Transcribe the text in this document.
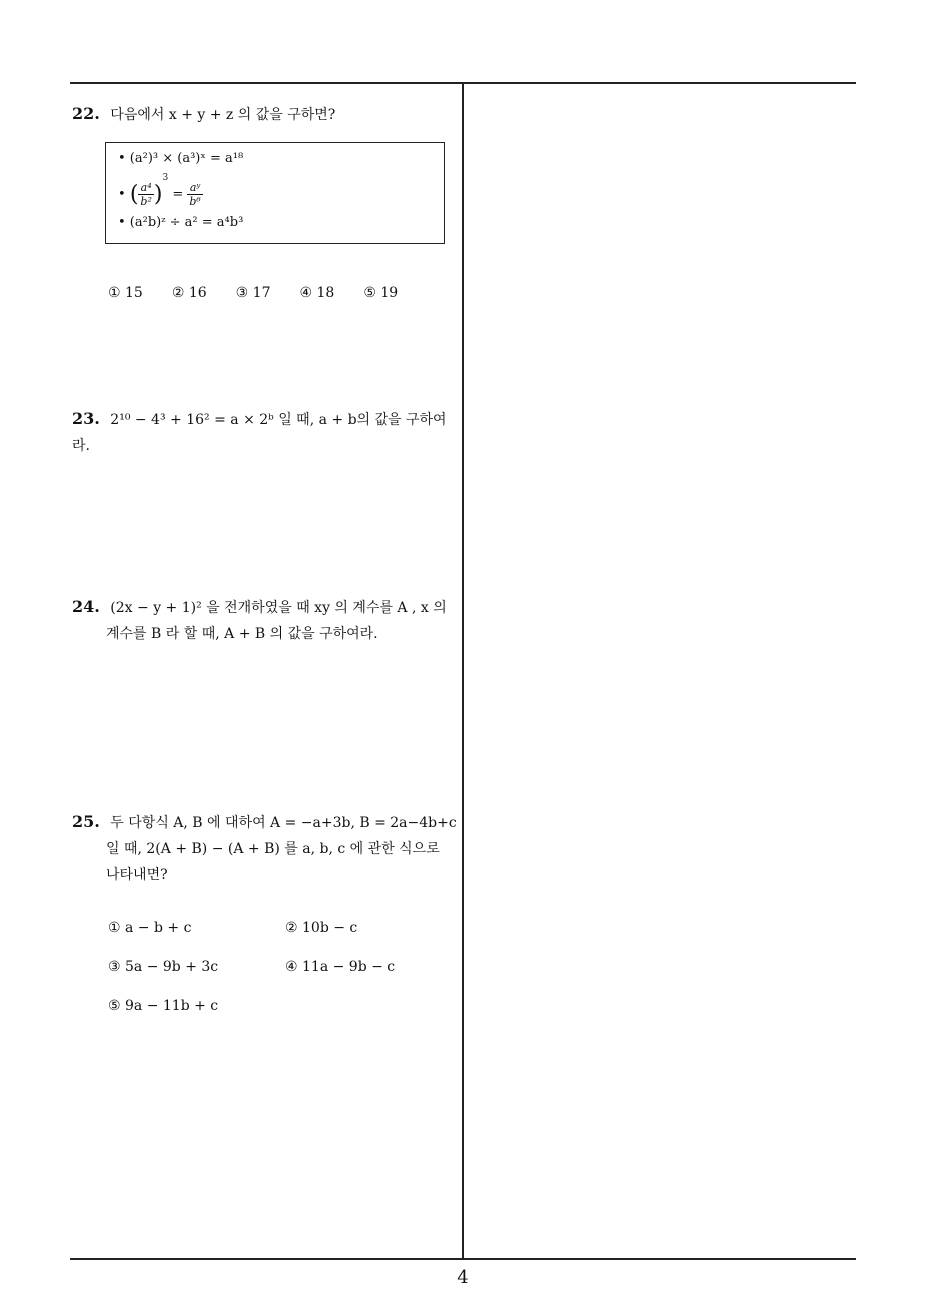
22. 다음에서 x + y + z 의 값을 구하면?
• (a²)³ × (a³)ˣ = a¹⁸
• ( $\frac{\text{a⁴}}{\text{b²}} )^3 = \frac{\text{aʸ}}{\text{b⁶}}$
• (a²b)ᶻ ÷ a² = a⁴b³
① 15 ② 16 ③ 17 ④ 18 ⑤ 19
23. 2¹⁰ − 4³ + 16² = a × 2ᵇ 일 때, a + b의 값을 구하여라.
24. (2x − y + 1)² 을 전개하였을 때 xy 의 계수를 A , x 의
계수를 B 라 할 때, A + B 의 값을 구하여라.
25. 두 다항식 A, B 에 대하여 A = −a+3b, B = 2a−4b+c
일 때, 2(A + B) − (A + B) 를 a, b, c 에 관한 식으로
나타내면?
① a − b + c	② 10b − c
③ 5a − 9b + 3c	④ 11a − 9b − c
⑤ 9a − 11b + c
4
